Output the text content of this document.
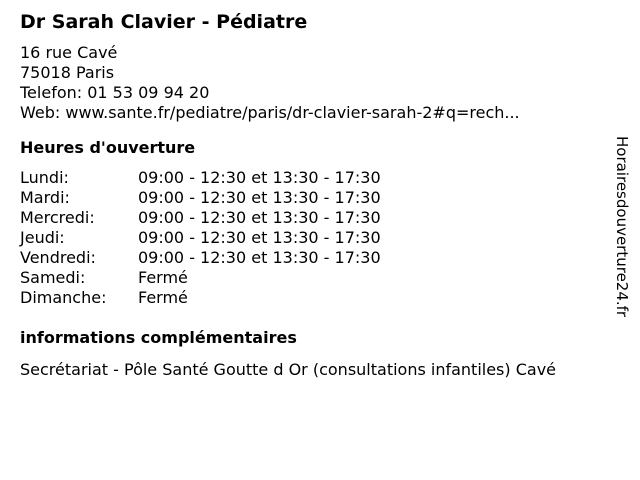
Dr Sarah Clavier - Pédiatre
16 rue Cavé
75018 Paris
Telefon: 01 53 09 94 20
Web: www.sante.fr/pediatre/paris/dr-clavier-sarah-2#q=rech...
Heures d'ouverture
Lundi:	09:00 - 12:30 et 13:30 - 17:30
Mardi:	09:00 - 12:30 et 13:30 - 17:30
Mercredi:	09:00 - 12:30 et 13:30 - 17:30
Jeudi:	09:00 - 12:30 et 13:30 - 17:30
Vendredi:	09:00 - 12:30 et 13:30 - 17:30
Samedi:	Fermé
Dimanche:	Fermé
informations complémentaires
Secrétariat - Pôle Santé Goutte d Or (consultations infantiles) Cavé
Horairesdouverture24.fr
